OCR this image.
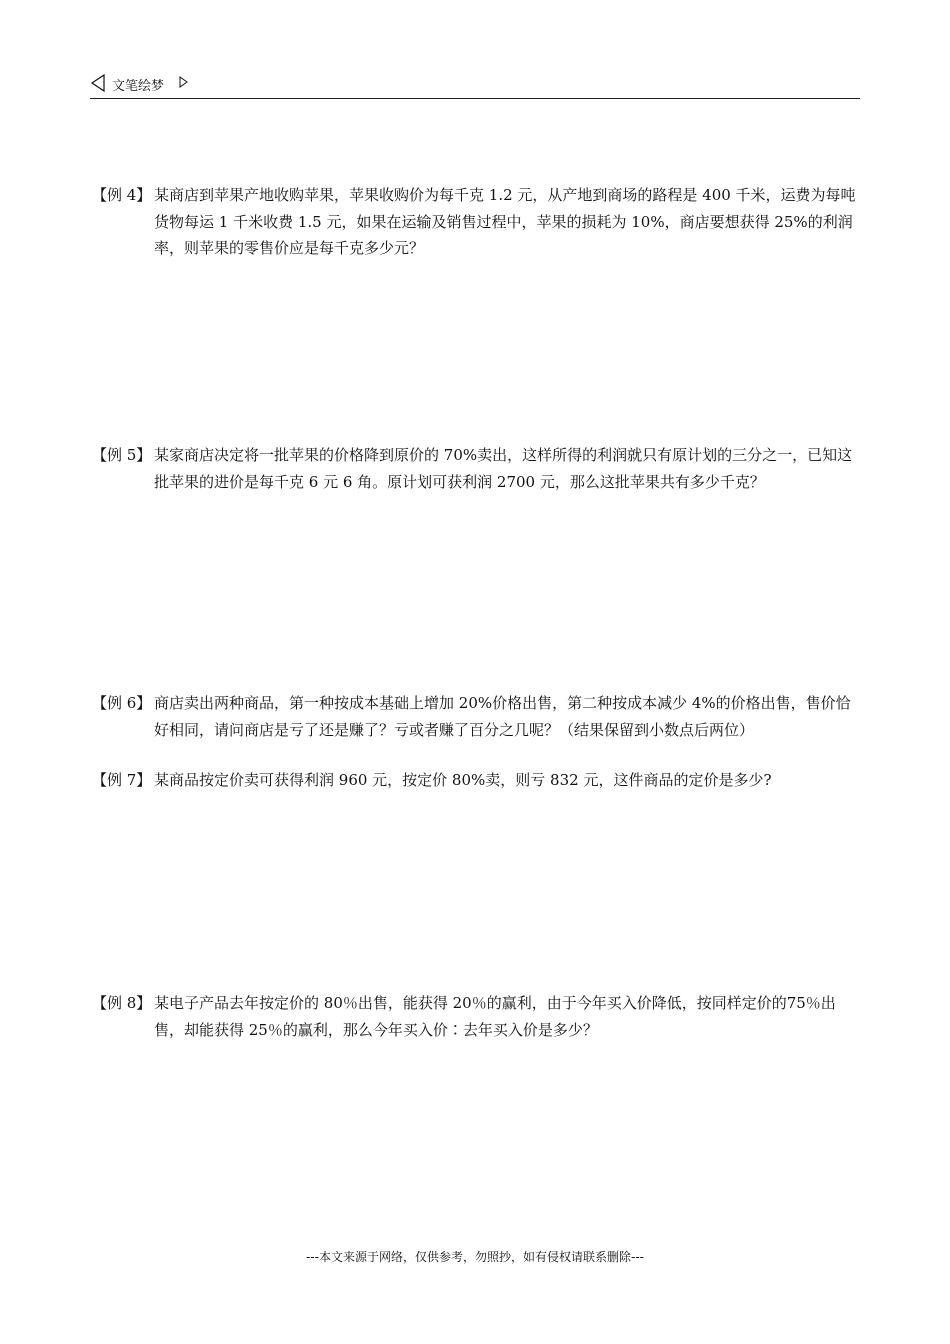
文笔绘梦
【例 4】 某商店到苹果产地收购苹果，苹果收购价为每千克 1.2 元，从产地到商场的路程是 400 千米，运费为每吨货物每运 1 千米收费 1.5 元，如果在运输及销售过程中，苹果的损耗为 10%，商店要想获得 25%的利润率，则苹果的零售价应是每千克多少元？

【例 5】 某家商店决定将一批苹果的价格降到原价的 70%卖出，这样所得的利润就只有原计划的三分之一，已知这批苹果的进价是每千克 6 元 6 角。原计划可获利润 2700 元，那么这批苹果共有多少千克？

【例 6】 商店卖出两种商品，第一种按成本基础上增加 20%价格出售，第二种按成本减少 4%的价格出售，售价恰好相同，请问商店是亏了还是赚了？亏或者赚了百分之几呢？（结果保留到小数点后两位）

【例 7】 某商品按定价卖可获得利润 960 元，按定价 80%卖，则亏 832 元，这件商品的定价是多少?

【例 8】 某电子产品去年按定价的 80％出售，能获得 20％的赢利，由于今年买入价降低，按同样定价的75％出售，却能获得 25％的赢利，那么今年买入价∶去年买入价是多少？

---本文来源于网络，仅供参考，勿照抄，如有侵权请联系删除---
